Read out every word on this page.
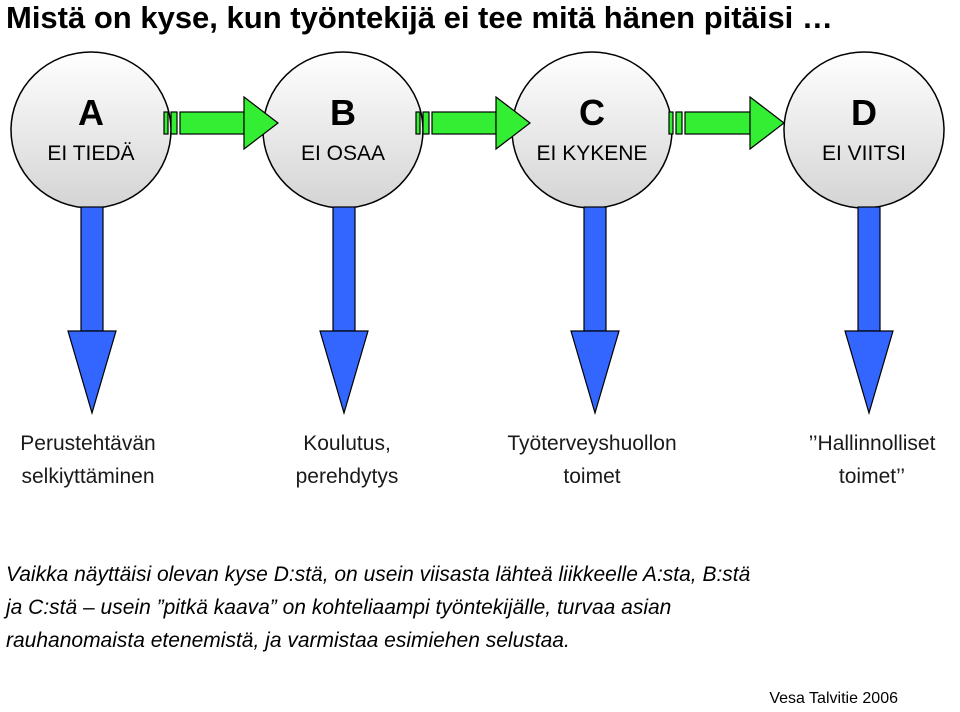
Mistä on kyse, kun työntekijä ei tee mitä hänen pitäisi …
A
EI TIEDÄ
B
EI OSAA
C
EI KYKENE
D
EI VIITSI
Perustehtävän
selkiyttäminen
Koulutus,
perehdytys
Työterveyshuollon
toimet
’’Hallinnolliset
toimet’’
Vaikka näyttäisi olevan kyse D:stä, on usein viisasta lähteä liikkeelle A:sta, B:stä
ja C:stä – usein ”pitkä kaava” on kohteliaampi työntekijälle, turvaa asian
rauhanomaista etenemistä, ja varmistaa esimiehen selustaa.
Vesa Talvitie 2006
